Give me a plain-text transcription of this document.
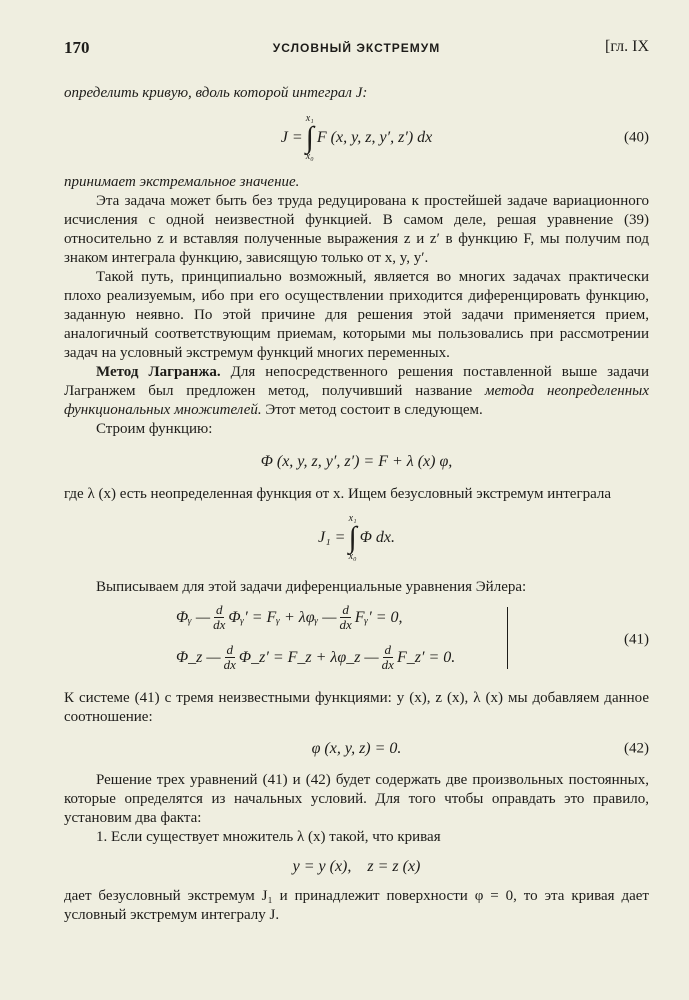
170	УСЛОВНЫЙ ЭКСТРЕМУМ	[гл. IX

определить кривую, вдоль которой интеграл J:

J =
x₁
∫
x₀
F (x, y, z, y′, z′) dx	(40)

принимает экстремальное значение.

Эта задача может быть без труда редуцирована к простейшей задаче вариационного исчисления с одной неизвестной функцией. В самом деле, решая уравнение (39) относительно z и вставляя полученные выражения z и z′ в функцию F, мы получим под знаком интеграла функцию, зависящую только от x, y, y′.

Такой путь, принципиально возможный, является во многих задачах практически плохо реализуемым, ибо при его осуществлении приходится диференцировать функцию, заданную неявно. По этой причине для решения этой задачи применяется прием, аналогичный соответствующим приемам, которыми мы пользовались при рассмотрении задач на условный экстремум функций многих переменных.

Метод Лагранжа. Для непосредственного решения поставленной выше задачи Лагранжем был предложен метод, получивший название метода неопределенных функциональных множителей. Этот метод состоит в следующем.

Строим функцию:

Φ (x, y, z, y′, z′) = F + λ (x) φ,

где λ (x) есть неопределенная функция от x. Ищем безусловный экстремум интеграла

J₁ =
x₁
∫
x₀
Φ dx.

Выписываем для этой задачи диференциальные уравнения Эйлера:

Φᵧ — $\frac{d}{dx}$ Φᵧ′ = Fᵧ + λφᵧ — $\frac{d}{dx}$ Fᵧ′ = 0,
Φ_z — $\frac{d}{dx}$ Φ_z′ = F_z + λφ_z — $\frac{d}{dx}$ F_z′ = 0.
(41)

К системе (41) с тремя неизвестными функциями: y (x), z (x), λ (x) мы добавляем данное соотношение:

φ (x, y, z) = 0.	(42)

Решение трех уравнений (41) и (42) будет содержать две произвольных постоянных, которые определятся из начальных условий. Для того чтобы оправдать это правило, установим два факта:

1. Если существует множитель λ (x) такой, что кривая

y = y (x),    z = z (x)

дает безусловный экстремум J₁ и принадлежит поверхности φ = 0, то эта кривая дает условный экстремум интегралу J.
